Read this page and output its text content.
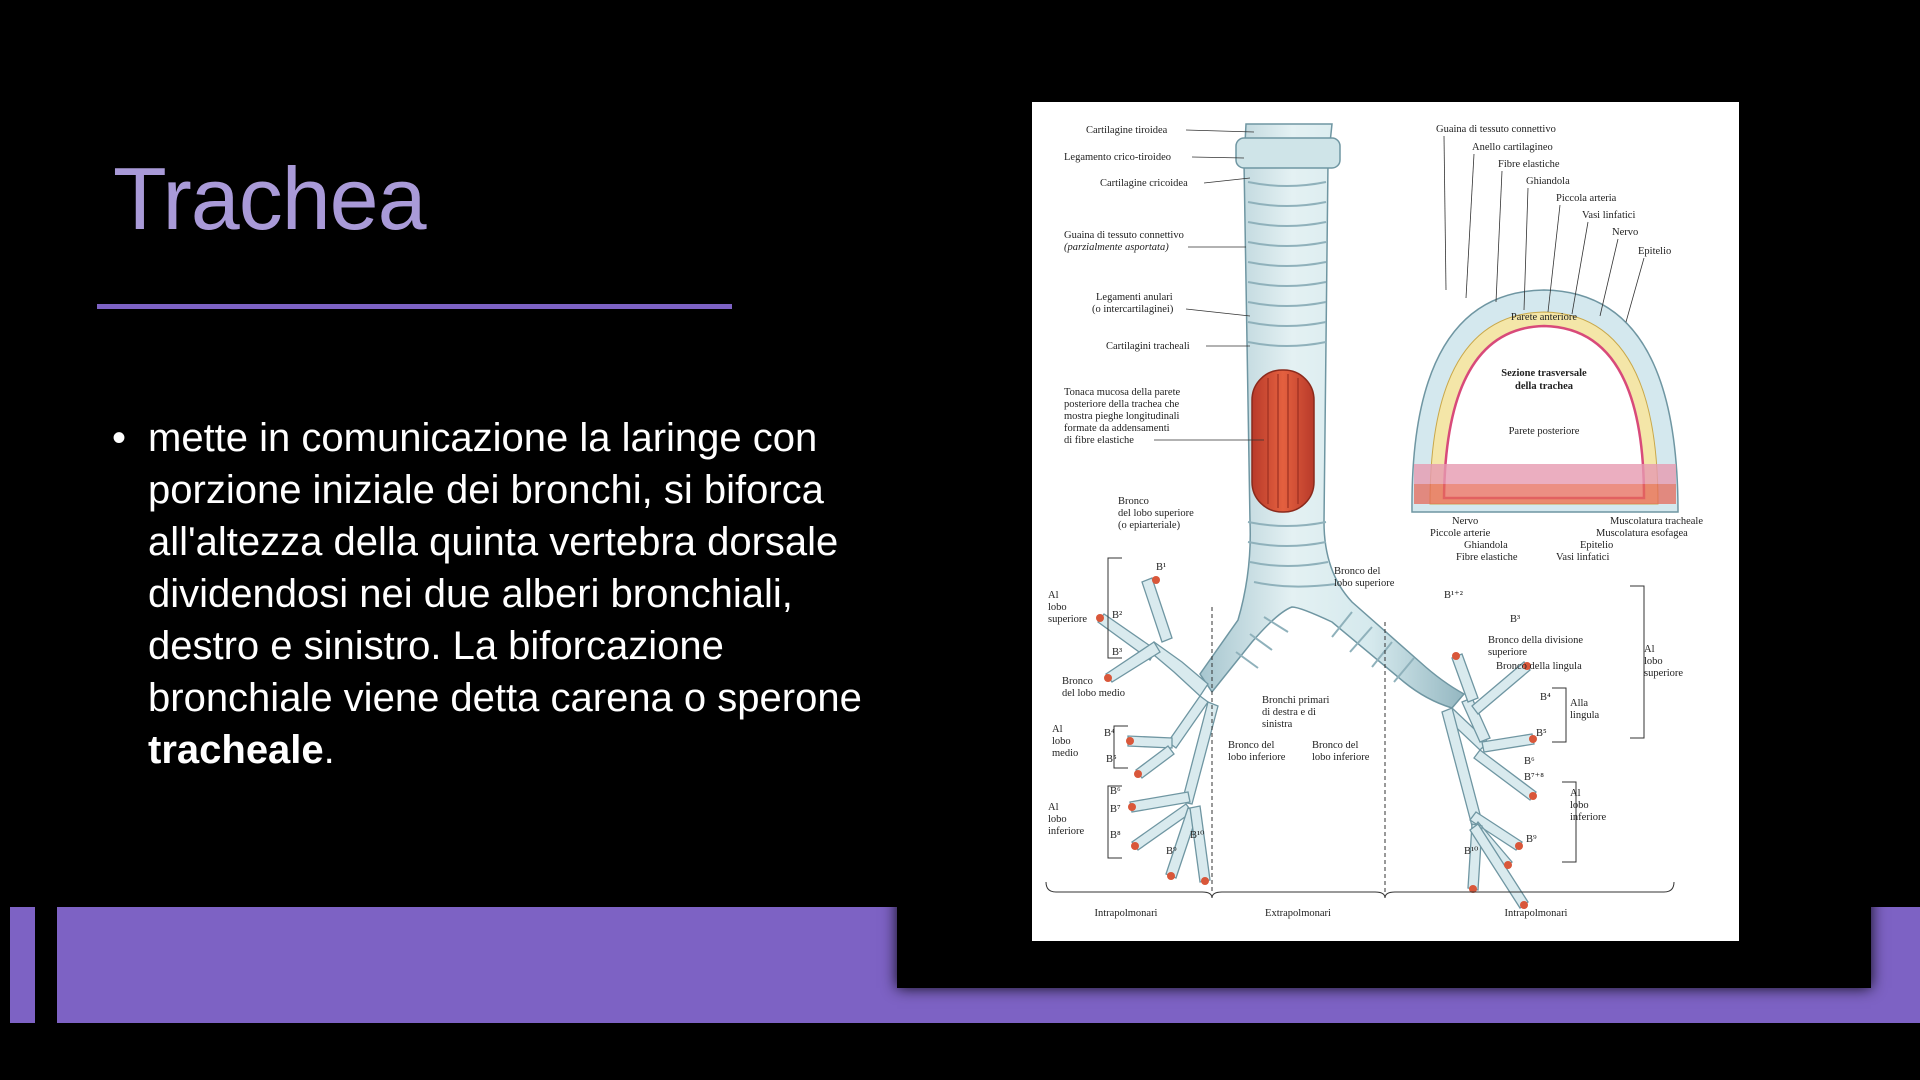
Trachea
• mette in comunicazione la laringe con porzione iniziale dei bronchi, si biforca all'altezza della quinta vertebra dorsale dividendosi nei due alberi bronchiali, destro e sinistro. La biforcazione bronchiale viene detta carena o sperone tracheale.
Cartilagine tiroidea
Legamento crico-tiroideo
Cartilagine cricoidea
Guaina di tessuto connettivo
(parzialmente asportata)
Legamenti anulari
(o intercartilaginei)
Cartilagini tracheali
Tonaca mucosa della parete
posteriore della trachea che
mostra pieghe longitudinali
formate da addensamenti
di fibre elastiche
Guaina di tessuto connettivo
Anello cartilagineo
Fibre elastiche
Ghiandola
Piccola arteria
Vasi linfatici
Nervo
Epitelio
Parete anteriore
Sezione trasversale
della trachea
Parete posteriore
Nervo
Piccole arterie
Ghiandola
Fibre elastiche
Muscolatura tracheale
Muscolatura esofagea
Epitelio
Vasi linfatici
Bronco
del lobo superiore
(o epiarteriale)
Al
lobo
superiore
Bronco
del lobo medio
Al
lobo
medio
Al
lobo
inferiore
B¹
B²
B³
B⁴
B⁵
B⁶
B⁷
B⁸
B⁹
B¹⁰
Bronchi primari
di destra e di
sinistra
Bronco del
lobo inferiore
Bronco del
lobo inferiore
Bronco del
lobo superiore
Bronco della divisione
superiore
Bronco della lingula
Al
lobo
superiore
Alla
lingula
Al
lobo
inferiore
B¹⁺²
B³
B⁴
B⁵
B⁶
B⁷⁺⁸
B⁹
B¹⁰
Intrapolmonari	Extrapolmonari	Intrapolmonari
